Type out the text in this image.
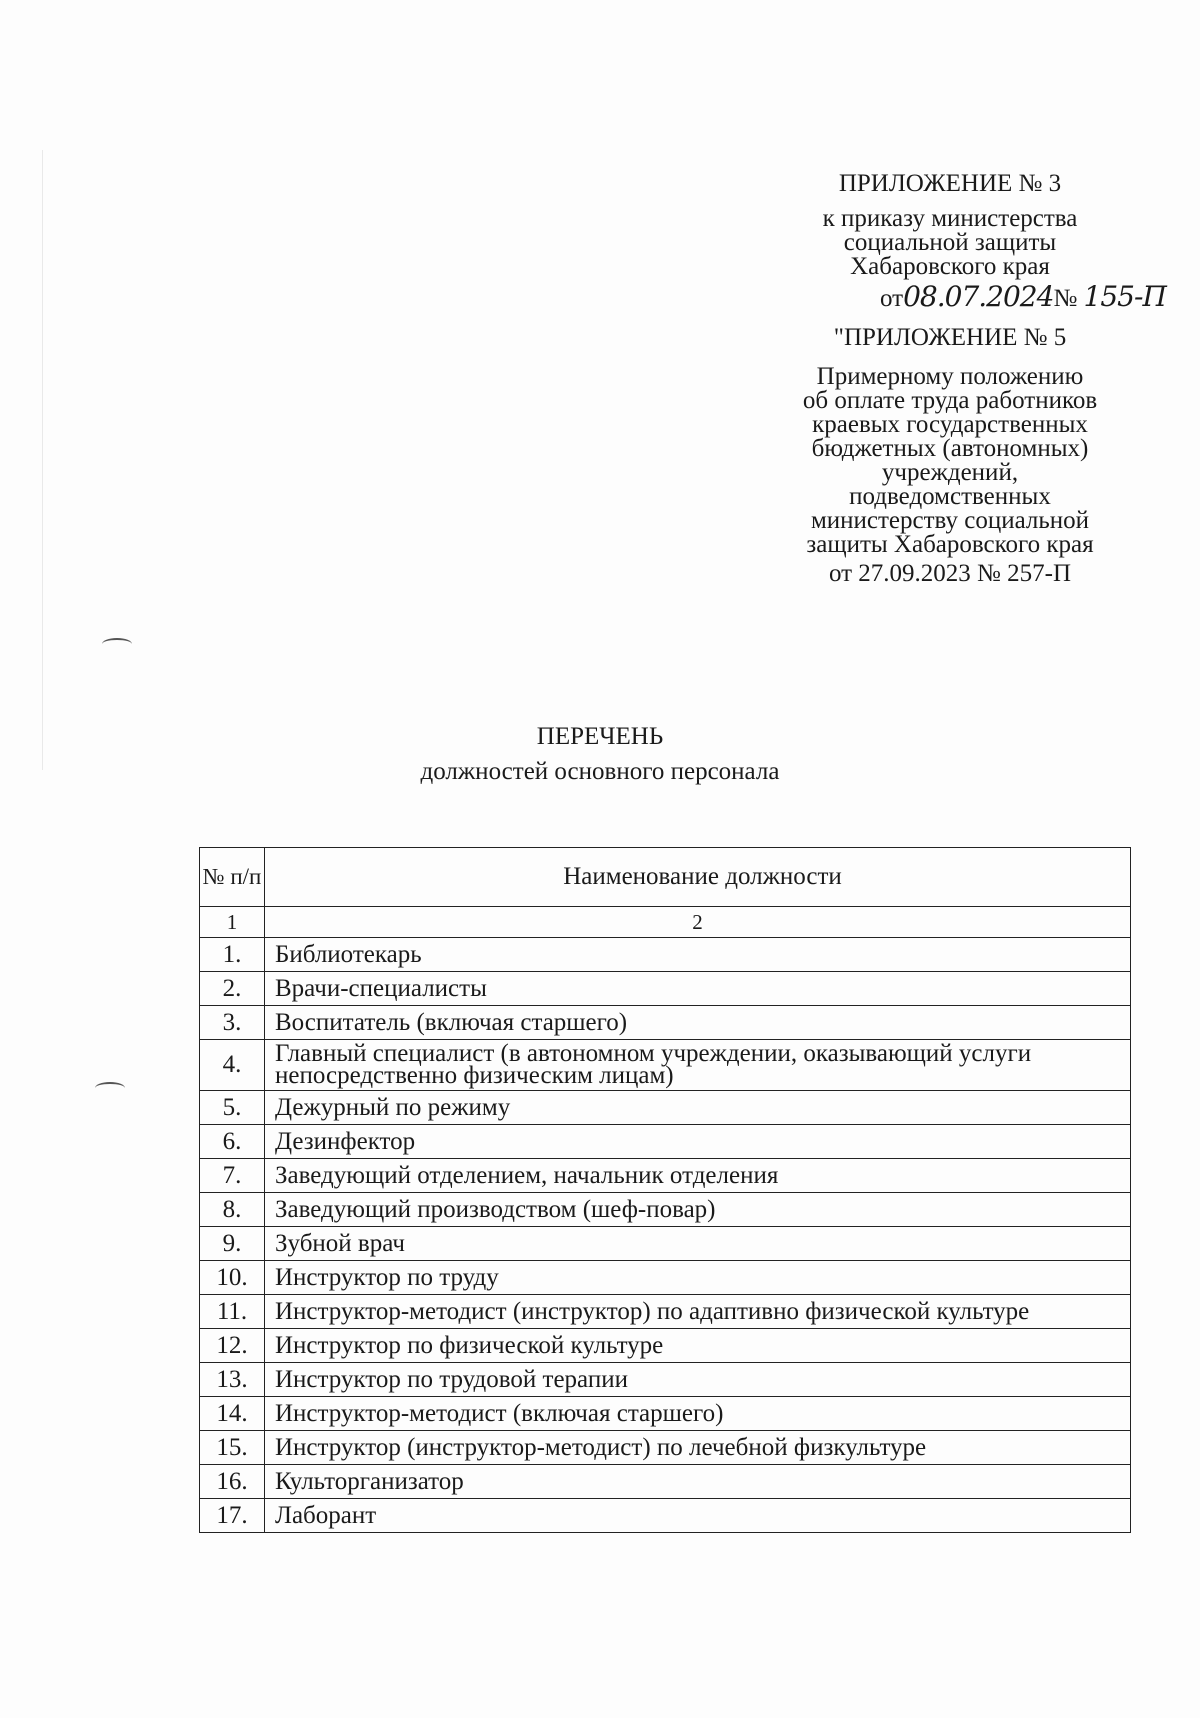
ПРИЛОЖЕНИЕ № 3
к приказу министерства
социальной защиты
Хабаровского края
от08.07.2024№ 155-П
"ПРИЛОЖЕНИЕ № 5
Примерному положению
об оплате труда работников
краевых государственных
бюджетных (автономных)
учреждений,
подведомственных
министерству социальной
защиты Хабаровского края
от 27.09.2023 № 257-П
ПЕРЕЧЕНЬ
должностей основного персонала
№ п/п	Наименование должности
1	2
1.	Библиотекарь

2.	Врачи-специалисты

3.	Воспитатель (включая старшего)

4.	Главный специалист (в автономном учреждении, оказывающий услуги непосредственно физическим лицам)

5.	Дежурный по режиму

6.	Дезинфектор

7.	Заведующий отделением, начальник отделения

8.	Заведующий производством (шеф-повар)

9.	Зубной врач

10.	Инструктор по труду

11.	Инструктор-методист (инструктор) по адаптивно физической культуре

12.	Инструктор по физической культуре

13.	Инструктор по трудовой терапии

14.	Инструктор-методист (включая старшего)

15.	Инструктор (инструктор-методист) по лечебной физкультуре

16.	Культорганизатор

17.	Лаборант
